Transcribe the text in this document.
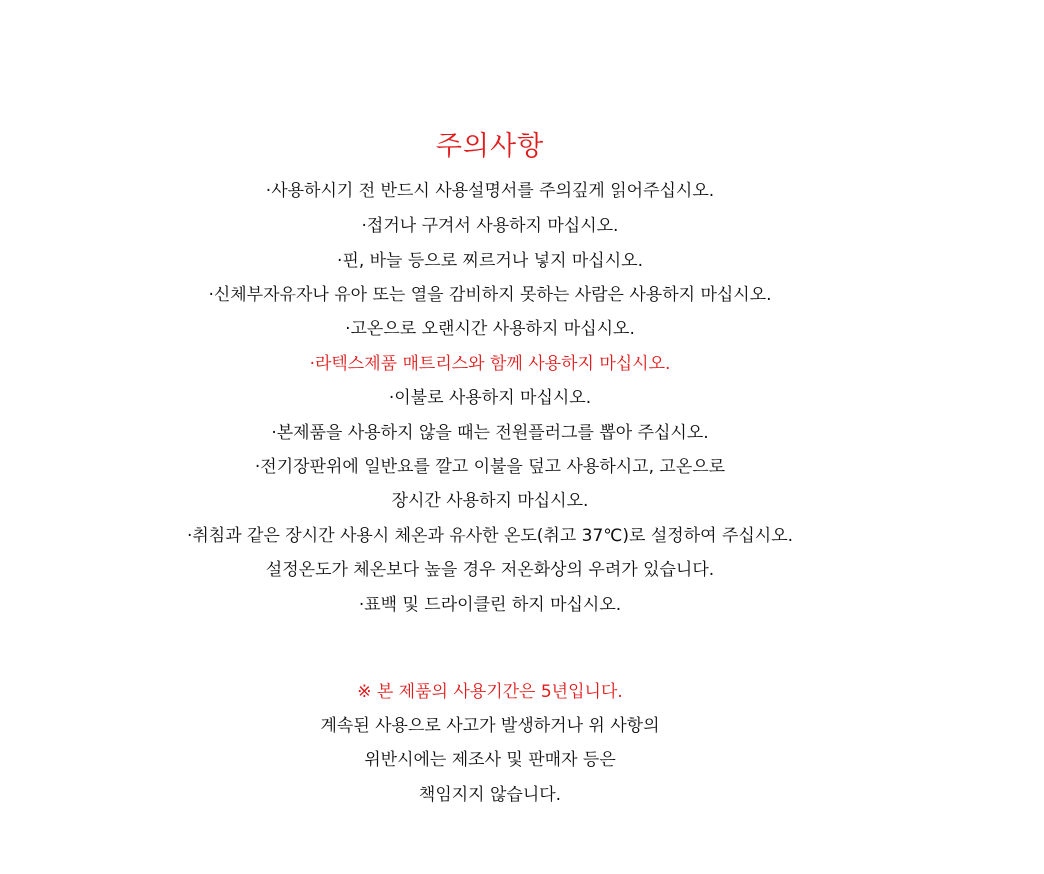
주의사항
·사용하시기 전 반드시 사용설명서를 주의깊게 읽어주십시오.
·접거나 구겨서 사용하지 마십시오.
·핀, 바늘 등으로 찌르거나 넣지 마십시오.
·신체부자유자나 유아 또는 열을 감비하지 못하는 사람은 사용하지 마십시오.
·고온으로 오랜시간 사용하지 마십시오.
·라텍스제품 매트리스와 함께 사용하지 마십시오.
·이불로 사용하지 마십시오.
·본제품을 사용하지 않을 때는 전원플러그를 뽑아 주십시오.
·전기장판위에 일반요를 깔고 이불을 덮고 사용하시고, 고온으로
장시간 사용하지 마십시오.
·취침과 같은 장시간 사용시 체온과 유사한 온도(취고 37℃)로 설정하여 주십시오.
설정온도가 체온보다 높을 경우 저온화상의 우려가 있습니다.
·표백 및 드라이클린 하지 마십시오.
※ 본 제품의 사용기간은 5년입니다.
계속된 사용으로 사고가 발생하거나 위 사항의
위반시에는 제조사 및 판매자 등은
책임지지 않습니다.
